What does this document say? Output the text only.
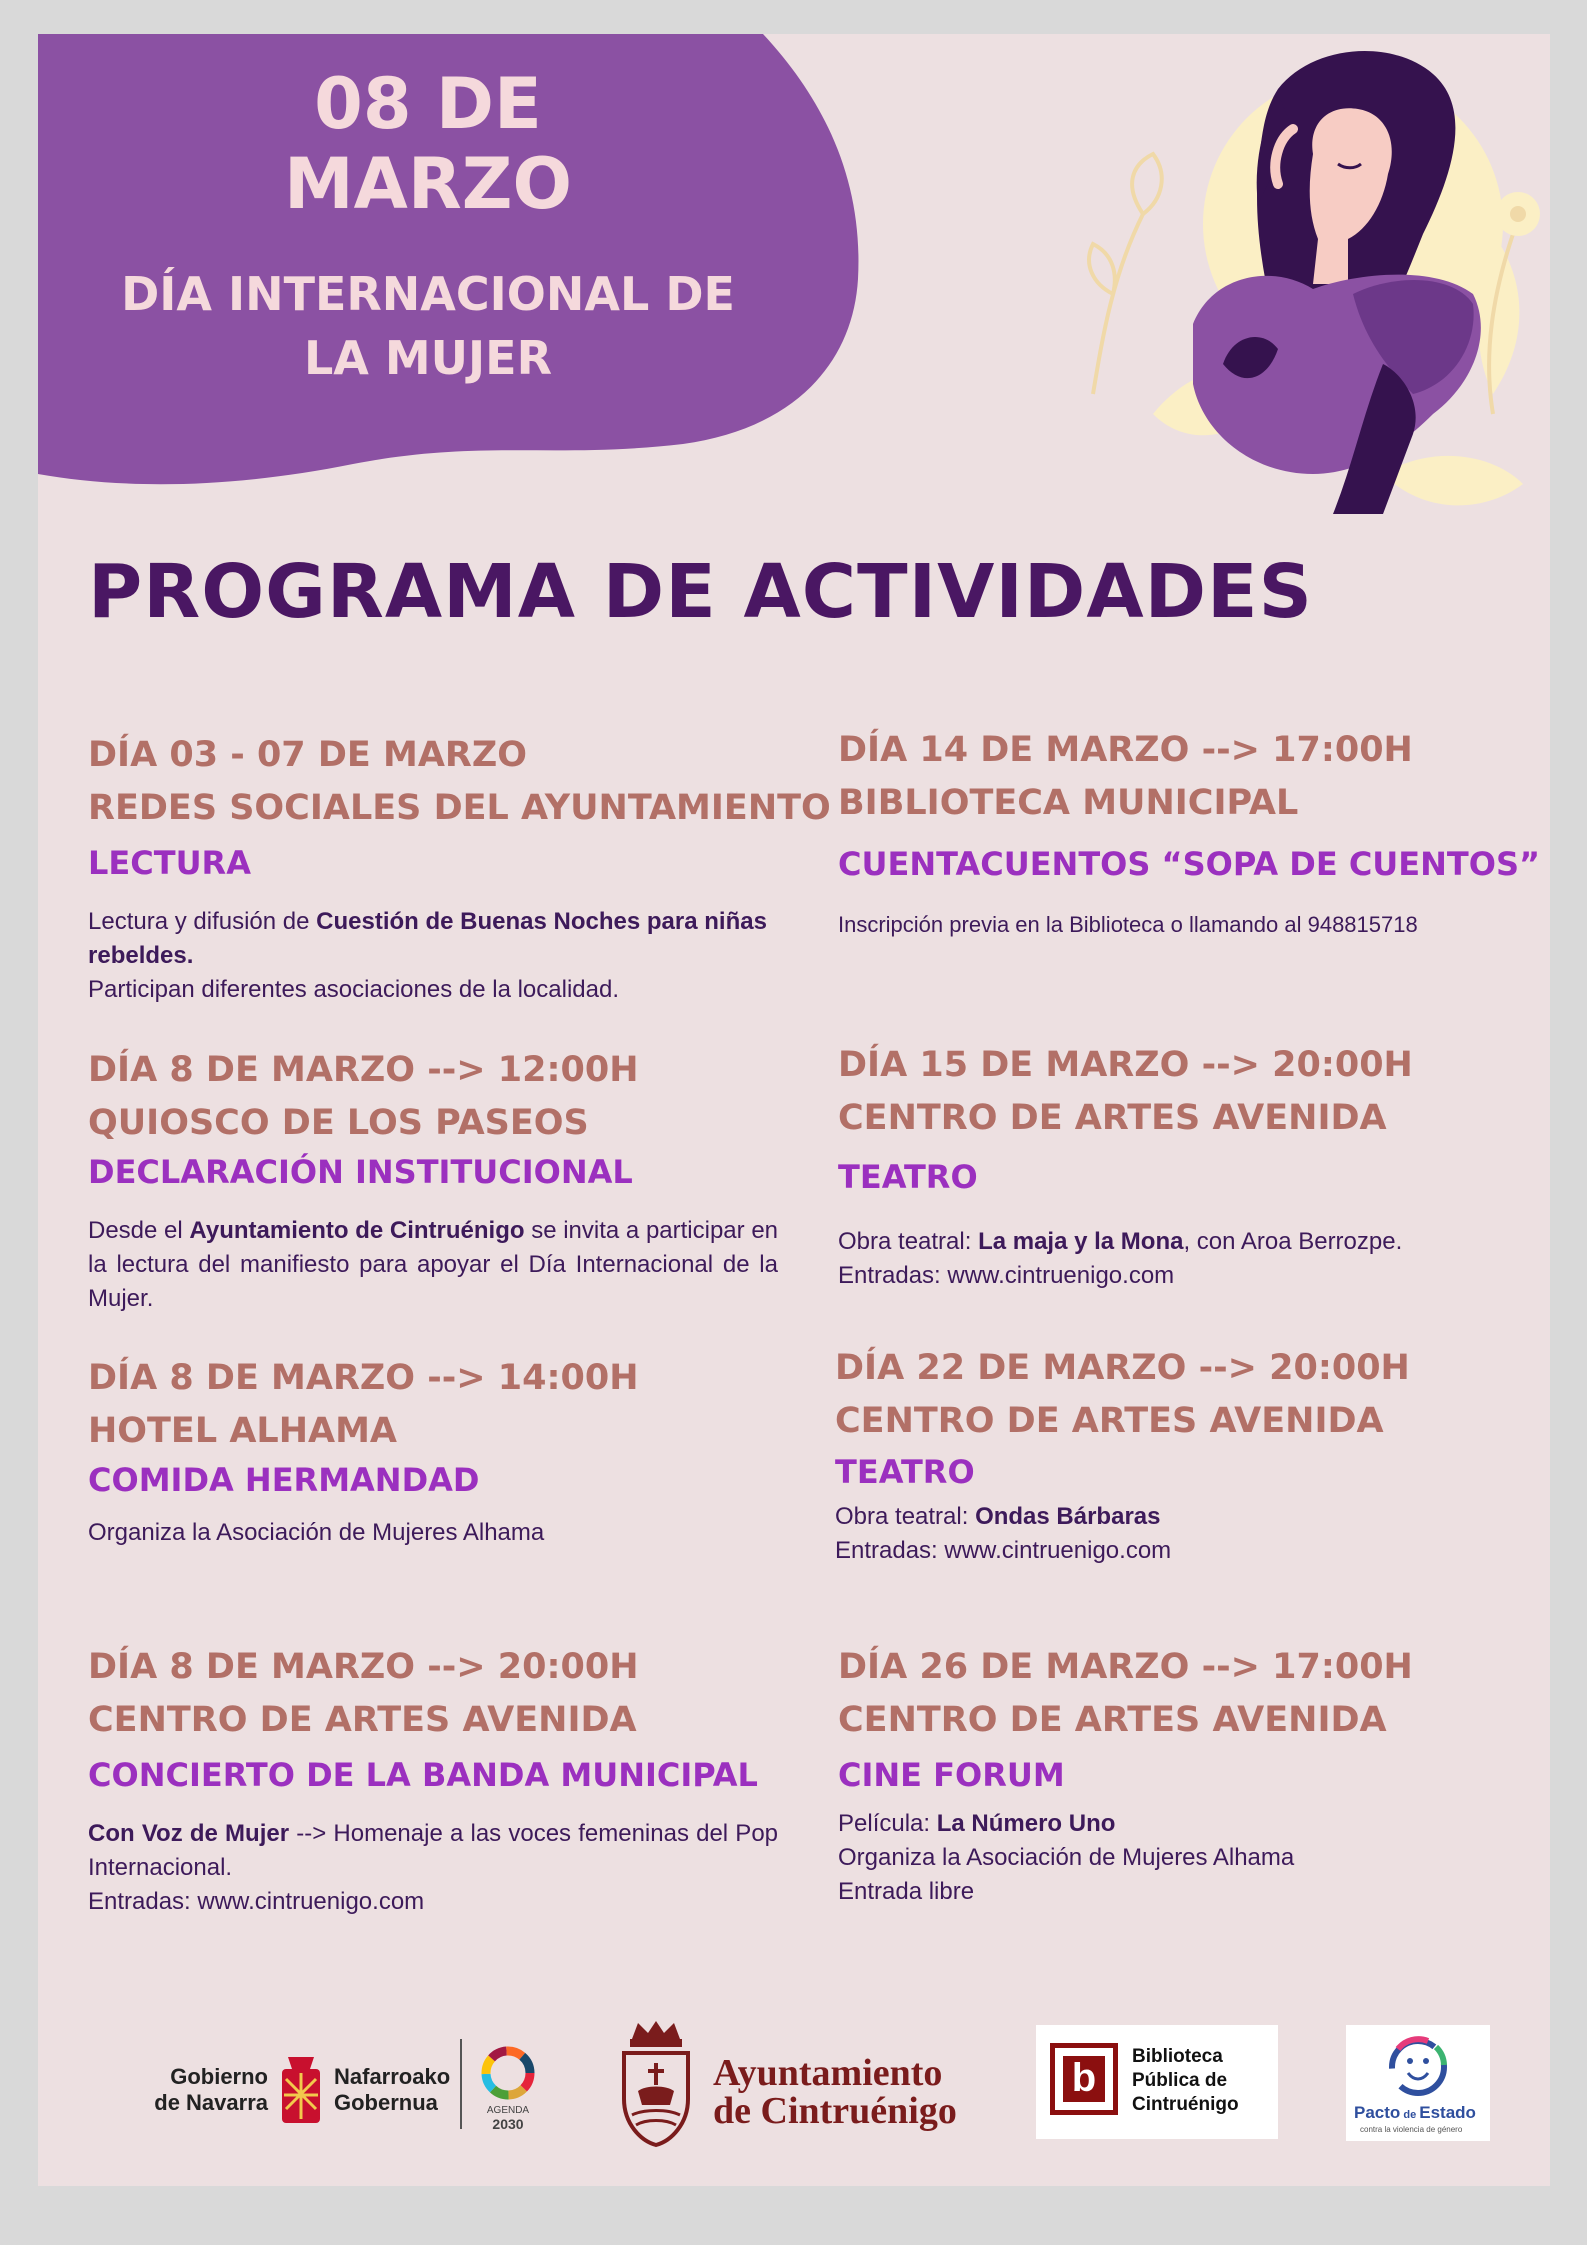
08 DE
MARZO
DÍA INTERNACIONAL DE
LA MUJER
PROGRAMA DE ACTIVIDADES
DÍA 03 - 07 DE MARZO
REDES SOCIALES DEL AYUNTAMIENTO
LECTURA
Lectura y difusión de Cuestión de Buenas Noches para niñas rebeldes.
Participan diferentes asociaciones de la localidad.
DÍA 8 DE MARZO --> 12:00H
QUIOSCO DE LOS PASEOS
DECLARACIÓN INSTITUCIONAL
Desde el Ayuntamiento de Cintruénigo se invita a participar en la lectura del manifiesto para apoyar el Día Internacional de la Mujer.
DÍA 8 DE MARZO --> 14:00H
HOTEL ALHAMA
COMIDA HERMANDAD
Organiza la Asociación de Mujeres Alhama
DÍA 8 DE MARZO --> 20:00H
CENTRO DE ARTES AVENIDA
CONCIERTO DE LA BANDA MUNICIPAL
Con Voz de Mujer --> Homenaje a las voces femeninas del Pop Internacional.
Entradas: www.cintruenigo.com
DÍA 14 DE MARZO --> 17:00H
BIBLIOTECA MUNICIPAL
CUENTACUENTOS “SOPA DE CUENTOS”
Inscripción previa en la Biblioteca o llamando al 948815718
DÍA 15 DE MARZO --> 20:00H
CENTRO DE ARTES AVENIDA
TEATRO
Obra teatral: La maja y la Mona, con Aroa Berrozpe.
Entradas: www.cintruenigo.com
DÍA 22 DE MARZO --> 20:00H
CENTRO DE ARTES AVENIDA
TEATRO
Obra teatral: Ondas Bárbaras
Entradas: www.cintruenigo.com
DÍA 26 DE MARZO --> 17:00H
CENTRO DE ARTES AVENIDA
CINE FORUM
Película: La Número Uno
Organiza la Asociación de Mujeres Alhama
Entrada libre
Gobierno
de Navarra
Nafarroako
Gobernua	AGENDA
2030
Ayuntamiento
de Cintruénigo
b	Biblioteca
Pública de
Cintruénigo	Pacto de Estado
contra la violencia de género
